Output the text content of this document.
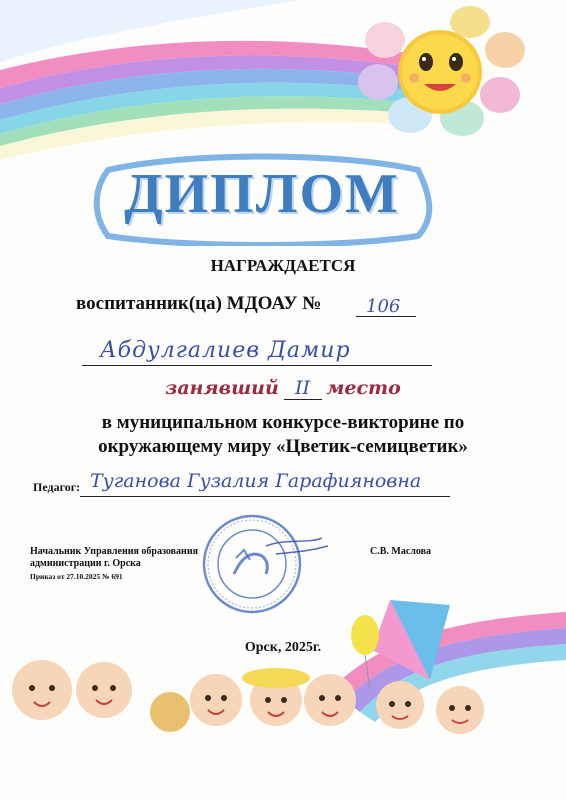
ДИПЛОМ
НАГРАЖДАЕТСЯ
воспитанник(ца) МДОАУ № 106
Абдулгалиев Дамир
занявший II место
в муниципальном конкурсе-викторине по
окружающему миру «Цветик-семицветик»
Педагог: Туганова Гузалия Гарафияновна
Начальник Управления образования
администрации г. Орска
Приказ от 27.10.2025 № 691
С.В. Маслова
Орск, 2025г.
